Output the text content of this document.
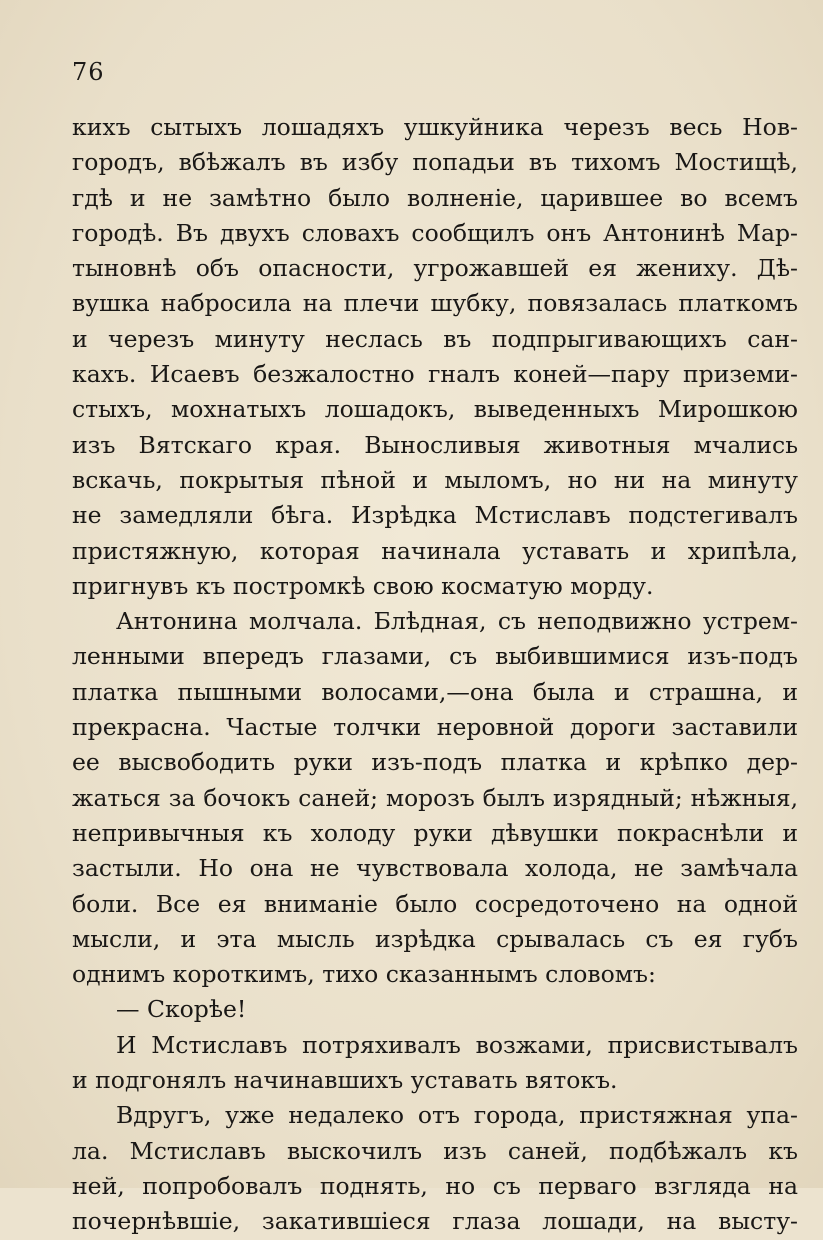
76
кихъ сытыхъ лошадяхъ ушкуйника черезъ весь Нов-
городъ, вбѣжалъ въ избу попадьи въ тихомъ Мостищѣ,
гдѣ и не замѣтно было волненіе, царившее во всемъ
городѣ. Въ двухъ словахъ сообщилъ онъ Антонинѣ Мар-
тыновнѣ объ опасности, угрожавшей ея жениху. Дѣ-
вушка набросила на плечи шубку, повязалась платкомъ
и черезъ минуту неслась въ подпрыгивающихъ сан-
кахъ. Исаевъ безжалостно гналъ коней—пару приземи-
стыхъ, мохнатыхъ лошадокъ, выведенныхъ Мирошкою
изъ Вятскаго края. Выносливыя животныя мчались
вскачь, покрытыя пѣной и мыломъ, но ни на минуту
не замедляли бѣга. Изрѣдка Мстиславъ подстегивалъ
пристяжную, которая начинала уставать и хрипѣла,
пригнувъ къ постромкѣ свою косматую морду.
Антонина молчала. Блѣдная, съ неподвижно устрем-
ленными впередъ глазами, съ выбившимися изъ-подъ
платка пышными волосами,—она была и страшна, и
прекрасна. Частые толчки неровной дороги заставили
ее высвободить руки изъ-подъ платка и крѣпко дер-
жаться за бочокъ саней; морозъ былъ изрядный; нѣжныя,
непривычныя къ холоду руки дѣвушки покраснѣли и
застыли. Но она не чувствовала холода, не замѣчала
боли. Все ея вниманіе было сосредоточено на одной
мысли, и эта мысль изрѣдка срывалась съ ея губъ
однимъ короткимъ, тихо сказаннымъ словомъ:
— Скорѣе!
И Мстиславъ потряхивалъ возжами, присвистывалъ
и подгонялъ начинавшихъ уставать вятокъ.
Вдругъ, уже недалеко отъ города, пристяжная упа-
ла. Мстиславъ выскочилъ изъ саней, подбѣжалъ къ
ней, попробовалъ поднять, но съ перваго взгляда на
почернѣвшіе, закатившіеся глаза лошади, на высту-
